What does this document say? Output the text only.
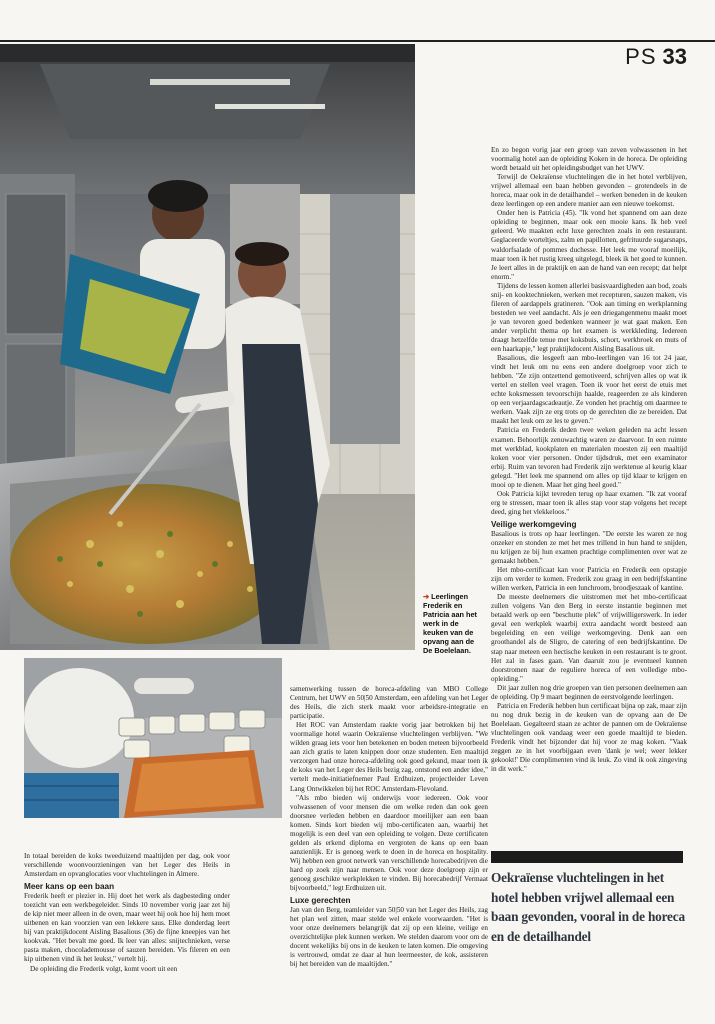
PS 33
➔ Leerlingen Frederik en Patricia aan het werk in de keuken van de opvang aan de De Boelelaan.

In totaal bereiden de koks tweeduizend maaltijden per dag, ook voor verschillende woonvoorzieningen van het Leger des Heils in Amsterdam en opvanglocaties voor vluchtelingen in Almere.

Meer kans op een baan

Frederik heeft er plezier in. Hij doet het werk als dagbesteding onder toezicht van een werkbegeleider. Sinds 10 november vorig jaar zet hij de kip niet meer alleen in de oven, maar weet hij ook hoe hij hem moet uitbenen en kan voorzien van een lekkere saus. Elke donderdag leert hij van praktijkdocent Aisling Basalious (36) de fijne kneepjes van het kookvak. "Het bevalt me goed. Ik leer van alles: snijtechnieken, verse pasta maken, chocolademousse of sauzen bereiden. Vis fileren en een kip uitbenen vind ik het leukst," vertelt hij.

De opleiding die Frederik volgt, komt voort uit een

samenwerking tussen de horeca-afdeling van MBO College Centrum, het UWV en 50|50 Amsterdam, een afdeling van het Leger des Heils, die zich sterk maakt voor arbeidsre-integratie en participatie.

Het ROC van Amsterdam raakte vorig jaar betrokken bij het voormalige hotel waarin Oekraïense vluchtelingen verblijven. "We wilden graag iets voor hen betekenen en boden meteen bijvoorbeeld aan zich gratis te laten knippen door onze studenten. Een maaltijd verzorgen had onze horeca-afdeling ook goed gekund, maar toen ik de koks van het Leger des Heils bezig zag, ontstond een ander idee," vertelt mede-initiatiefnemer Paul Erdhuizen, projectleider Leven Lang Ontwikkelen bij het ROC Amsterdam-Flevoland.

"Als mbo bieden wij onderwijs voor iedereen. Ook voor volwassenen of voor mensen die om welke reden dan ook geen doorsnee verleden hebben en daardoor moeilijker aan een baan komen. Sinds kort bieden wij mbo-certificaten aan, waarbij het mogelijk is een deel van een opleiding te volgen. Deze certificaten gelden als erkend diploma en vergroten de kans op een baan aanzienlijk. Er is genoeg werk te doen in de horeca en hospitality. Wij hebben een groot netwerk van verschillende horecabedrijven die hard op zoek zijn naar mensen. Ook voor deze doelgroep zijn er genoeg geschikte werkplekken te vinden. Bij horecabedrijf Vermaat bijvoorbeeld," legt Erdhuizen uit.

Luxe gerechten

Jan van den Berg, teamleider van 50|50 van het Leger des Heils, zag het plan wel zitten, maar stelde wel enkele voorwaarden. "Het is voor onze deelnemers belangrijk dat zij op een kleine, veilige en overzichtelijke plek kunnen werken. We stelden daarom voor om de docent wekelijks bij ons in de keuken te laten komen. Die omgeving is vertrouwd, omdat ze daar al hun leermeester, de kok, assisteren bij het bereiden van de maaltijden."

En zo begon vorig jaar een groep van zeven volwassenen in het voormalig hotel aan de opleiding Koken in de horeca. De opleiding wordt betaald uit het opleidingsbudget van het UWV.

Terwijl de Oekraïense vluchtelingen die in het hotel verblijven, vrijwel allemaal een baan hebben gevonden – grotendeels in de horeca, maar ook in de detailhandel – werken beneden in de keuken deze leerlingen op een andere manier aan een nieuwe toekomst.

Onder hen is Patricia (45). "Ik vond het spannend om aan deze opleiding te beginnen, maar ook een mooie kans. Ik heb veel geleerd. We maakten echt luxe gerechten zoals in een restaurant. Geglaceerde worteltjes, zalm en papillotten, gefrituurde sugarsnaps, waldorfsalade of pommes duchesse. Het leek me vooraf moeilijk, maar toen ik het rustig kreeg uitgelegd, bleek ik het goed te kunnen. Je leert alles in de praktijk en aan de hand van een recept; dat helpt enorm."

Tijdens de lessen komen allerlei basisvaardigheden aan bod, zoals snij- en kooktechnieken, werken met recepturen, sauzen maken, vis fileren of aardappels gratineren. "Ook aan timing en werkplanning besteden we veel aandacht. Als je een driegangenmenu maakt moet je van tevoren goed bedenken wanneer je wat gaat maken. Een ander verplicht thema op het examen is werkkleding. Iedereen draagt hetzelfde tenue met koksbuis, schort, werkbroek en muts of een haarkapje," legt praktijkdocent Aisling Basalious uit.

Basalious, die lesgeeft aan mbo-leerlingen van 16 tot 24 jaar, vindt het leuk om nu eens een andere doelgroep voor zich te hebben. "Ze zijn ontzettend gemotiveerd, schrijven alles op wat ik vertel en stellen veel vragen. Toen ik voor het eerst de etuis met echte koksmessen tevoorschijn haalde, reageerden ze als kinderen op een verjaardagscadeautje. Ze vonden het prachtig om daarmee te werken. Vaak zijn ze erg trots op de gerechten die ze bereiden. Dat maakt het leuk om ze les te geven."

Patricia en Frederik deden twee weken geleden na acht lessen examen. Behoorlijk zenuwachtig waren ze daarvoor. In een ruimte met werkblad, kookplaten en materialen moesten zij een maaltijd koken voor vier personen. Onder tijdsdruk, met een examinator erbij. Ruim van tevoren had Frederik zijn werktenue al keurig klaar gelegd. "Het leek me spannend om alles op tijd klaar te krijgen en mooi op te dienen. Maar het ging heel goed."

Ook Patricia kijkt tevreden terug op haar examen. "Ik zat vooraf erg te stressen, maar toen ik alles stap voor stap volgens het recept deed, ging het vlekkeloos."

Veilige werkomgeving

Basalious is trots op haar leerlingen. "De eerste les waren ze nog onzeker en stonden ze met het mes trillend in hun hand te snijden, nu krijgen ze bij hun examen prachtige complimenten over wat ze gemaakt hebben."

Het mbo-certificaat kan voor Patricia en Frederik een opstapje zijn om verder te komen. Frederik zou graag in een bedrijfskantine willen werken, Patricia in een lunchroom, broodjeszaak of kantine.

De meeste deelnemers die uitstromen met het mbo-certificaat zullen volgens Van den Berg in eerste instantie beginnen met betaald werk op een "beschutte plek" of vrijwilligerswerk. In ieder geval een werkplek waarbij extra aandacht wordt besteed aan begeleiding en een veilige werkomgeving. Denk aan een groothandel als de Sligro, de catering of een bedrijfskantine. De stap naar meteen een hectische keuken in een restaurant is te groot. Het zal in fases gaan. Van daaruit zou je eventueel kunnen doorstromen naar de reguliere horeca of een volledige mbo-opleiding."

Dit jaar zullen nog drie groepen van tien personen deelnemen aan de opleiding. Op 9 maart beginnen de eerstvolgende leerlingen.

Patricia en Frederik hebben hun certificaat bijna op zak, maar zijn nu nog druk bezig in de keuken van de opvang aan de De Boelelaan. Gegalteerd staan ze achter de pannen om de Oekraïense vluchtelingen ook vandaag weer een goede maaltijd te bieden. Frederik vindt het bijzonder dat hij voor ze mag koken. "Vaak zeggen ze in het voorbijgaan even 'dank je wel; weer lekker gekookt!' Die complimenten vind ik leuk. Zo vind ik ook zingeving in dit werk."

Oekraïense vluchtelingen in het hotel hebben vrijwel allemaal een baan gevonden, vooral in de horeca en de detailhandel
